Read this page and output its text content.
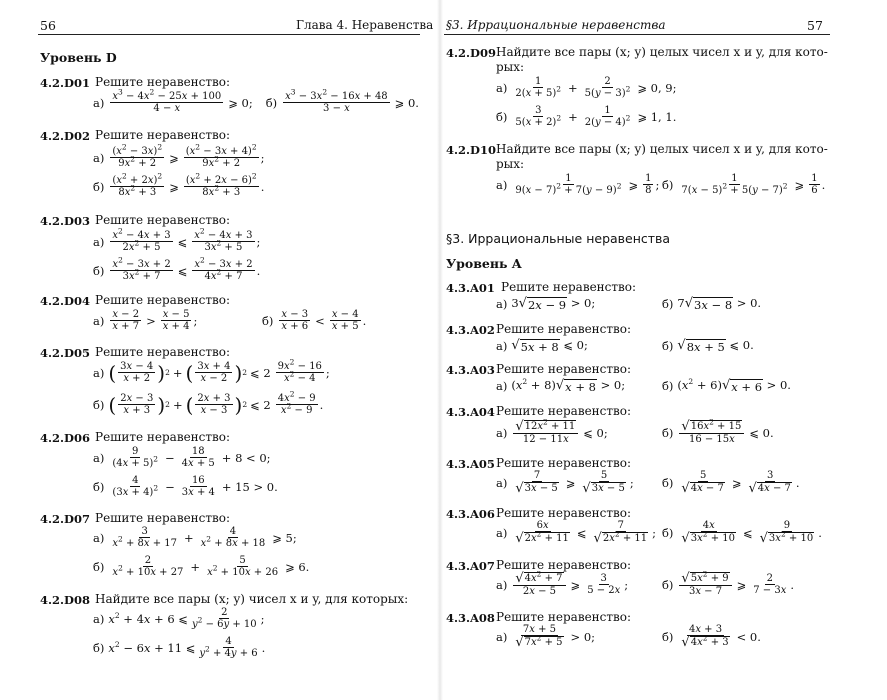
56	Глава 4. Неравенства
Уровень D
4.2.D01 Решите неравенство:
$а) \frac{x^3 - 4x^2 - 25x + 100}{4 - x}$ ⩾ 0; $б) \frac{x^3 - 3x^2 - 16x + 48}{3 - x}$ ⩾ 0.
4.2.D02 Решите неравенство:
$а) \frac{(x^2 - 3x)^2}{9x^2 + 2}$ ⩾ $\frac{(x^2 - 3x + 4)^2}{9x^2 + 2}$ ;
$б) \frac{(x^2 + 2x)^2}{8x^2 + 3}$ ⩾ $\frac{(x^2 + 2x - 6)^2}{8x^2 + 3}$ .
4.2.D03 Решите неравенство:
$а) \frac{x^2 - 4x + 3}{2x^2 + 5}$ ⩽ $\frac{x^2 - 4x + 3}{3x^2 + 5}$ ;
$б) \frac{x^2 - 3x + 2}{3x^2 + 7}$ ⩽ $\frac{x^2 - 3x + 2}{4x^2 + 7}$ .
4.2.D04 Решите неравенство:
$а) \frac{x - 2}{x + 7} > \frac{x - 5}{x + 4}$ ;	$б) \frac{x - 3}{x + 6} < \frac{x - 4}{x + 5}$ .
4.2.D05 Решите неравенство:
а) ( $\frac{3x - 4}{x + 2}$ ) 2 + ( $\frac{3x + 4}{x - 2}$ ) 2 ⩽ $2 \frac{9x^2 - 16}{x^2 - 4}$ ;
б) ( $\frac{2x - 3}{x + 3}$ ) 2 + ( $\frac{2x + 3}{x - 3}$ ) 2 ⩽ $2 \frac{4x^2 - 9}{x^2 - 9}$ .
4.2.D06 Решите неравенство:
$а) \frac{9}{(4x + 5)^2} - \frac{18}{4x + 5} + 8 < 0$;
$б) \frac{4}{(3x + 4)^2} - \frac{16}{3x + 4} + 15 > 0$.
4.2.D07 Решите неравенство:
$а) \frac{3}{x^2 + 8x + 17} + \frac{4}{x^2 + 8x + 18}$ ⩾ 5;
$б) \frac{2}{x^2 + 10x + 27} + \frac{5}{x^2 + 10x + 26}$ ⩾ 6.
4.2.D08 Найдите все пары (x; y) чисел x и y, для которых:
а) $x^2 + 4x + 6$ ⩽ $\frac{2}{y^2 - 6y + 10}$ ;
б) $x^2 - 6x + 11$ ⩽ $\frac{4}{y^2 + 4y + 6}$ .
§3. Иррациональные неравенства	57
4.2.D09 Найдите все пары (x; y) целых чисел x и y, для кото-
рых:
$а) \frac{1}{2(x + 5)^2} + \frac{2}{5(y - 3)^2}$ ⩾ 0, 9;
$б) \frac{3}{5(x + 2)^2} + \frac{1}{2(y - 4)^2}$ ⩾ 1, 1.
4.2.D10 Найдите все пары (x; y) целых чисел x и y, для кото-
рых:
$а) \frac{1}{9(x - 7)^2 + 7(y - 9)^2}$ ⩾ $\frac{1}{8}$ ; $б) \frac{1}{7(x - 5)^2 + 5(y - 7)^2}$ ⩾ $\frac{1}{6}$ .
§3. Иррациональные неравенства
Уровень A
4.3.A01 Решите неравенство:
а) 3 √ 2x − 9 > 0;	б) 7 √ 3x − 8 > 0.
4.3.A02 Решите неравенство:
а) √ 5x + 8 ⩽ 0;	б) √ 8x + 5 ⩽ 0.
4.3.A03 Решите неравенство:
а) $(x^2 + 8)$ √ x + 8 > 0;	б) $(x^2 + 6)$ √ x + 6 > 0.
4.3.A04 Решите неравенство:
$а) \frac{√ 12x^2 + 11}{12 - 11x}$ ⩽ 0;	$б) \frac{√ 16x^2 + 15}{16 - 15x}$ ⩽ 0.
4.3.A05 Решите неравенство:
$а) \frac{7}{√ 3x - 5}$ ⩾ $\frac{5}{√ 3x - 5}$ ; $б) \frac{5}{√ 4x - 7}$ ⩾ $\frac{3}{√ 4x - 7}$ .
4.3.A06 Решите неравенство:
$а) \frac{6x}{√ 2x^2 + 11}$ ⩽ $\frac{7}{√ 2x^2 + 11}$ ; $б) \frac{4x}{√ 3x^2 + 10}$ ⩽ $\frac{9}{√ 3x^2 + 10}$ .
4.3.A07 Решите неравенство:
$а) \frac{√ 4x^2 + 7}{2x - 5}$ ⩾ $\frac{3}{5 - 2x}$ ;	$б) \frac{√ 5x^2 + 9}{3x - 7}$ ⩾ $\frac{2}{7 - 3x}$ .
4.3.A08 Решите неравенство:
$а) \frac{7x + 5}{√ 7x^2 + 5} > 0$;	$б) \frac{4x + 3}{√ 4x^2 + 3} < 0$.
